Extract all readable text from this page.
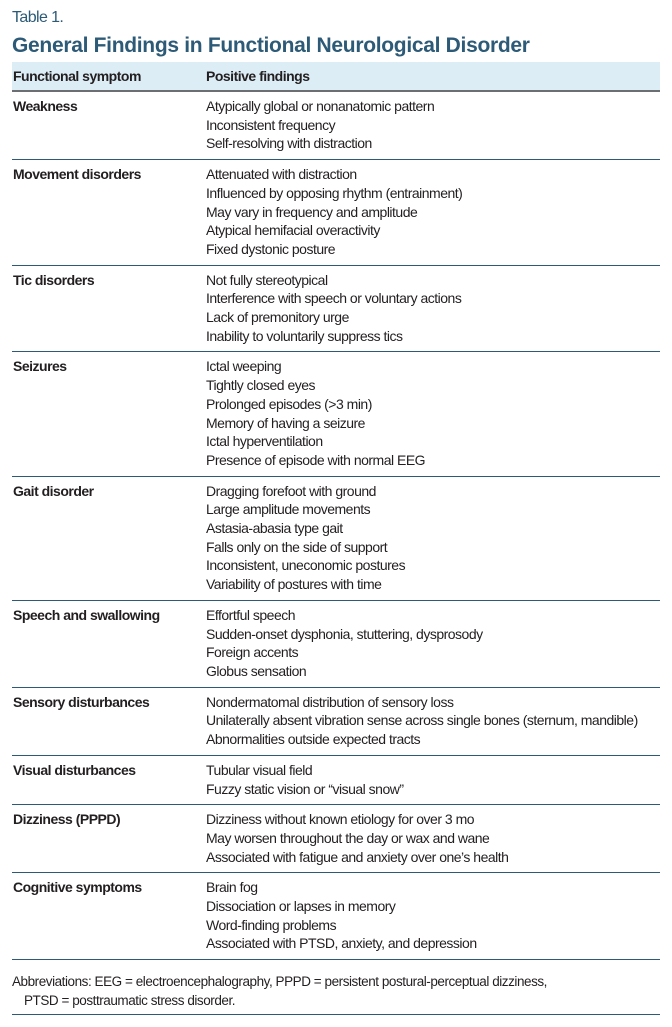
Table 1.
General Findings in Functional Neurological Disorder
Functional symptom	Positive findings
Weakness	Atypically global or nonanatomic pattern
Inconsistent frequency
Self-resolving with distraction
Movement disorders	Attenuated with distraction
Influenced by opposing rhythm (entrainment)
May vary in frequency and amplitude
Atypical hemifacial overactivity
Fixed dystonic posture
Tic disorders	Not fully stereotypical
Interference with speech or voluntary actions
Lack of premonitory urge
Inability to voluntarily suppress tics
Seizures	Ictal weeping
Tightly closed eyes
Prolonged episodes (>3 min)
Memory of having a seizure
Ictal hyperventilation
Presence of episode with normal EEG
Gait disorder	Dragging forefoot with ground
Large amplitude movements
Astasia-abasia type gait
Falls only on the side of support
Inconsistent, uneconomic postures
Variability of postures with time
Speech and swallowing	Effortful speech
Sudden-onset dysphonia, stuttering, dysprosody
Foreign accents
Globus sensation
Sensory disturbances	Nondermatomal distribution of sensory loss
Unilaterally absent vibration sense across single bones (sternum, mandible)
Abnormalities outside expected tracts
Visual disturbances	Tubular visual field
Fuzzy static vision or “visual snow”
Dizziness (PPPD)	Dizziness without known etiology for over 3 mo
May worsen throughout the day or wax and wane
Associated with fatigue and anxiety over one’s health
Cognitive symptoms	Brain fog
Dissociation or lapses in memory
Word-finding problems
Associated with PTSD, anxiety, and depression
Abbreviations: EEG = electroencephalography, PPPD = persistent postural-perceptual dizziness,
PTSD = posttraumatic stress disorder.
